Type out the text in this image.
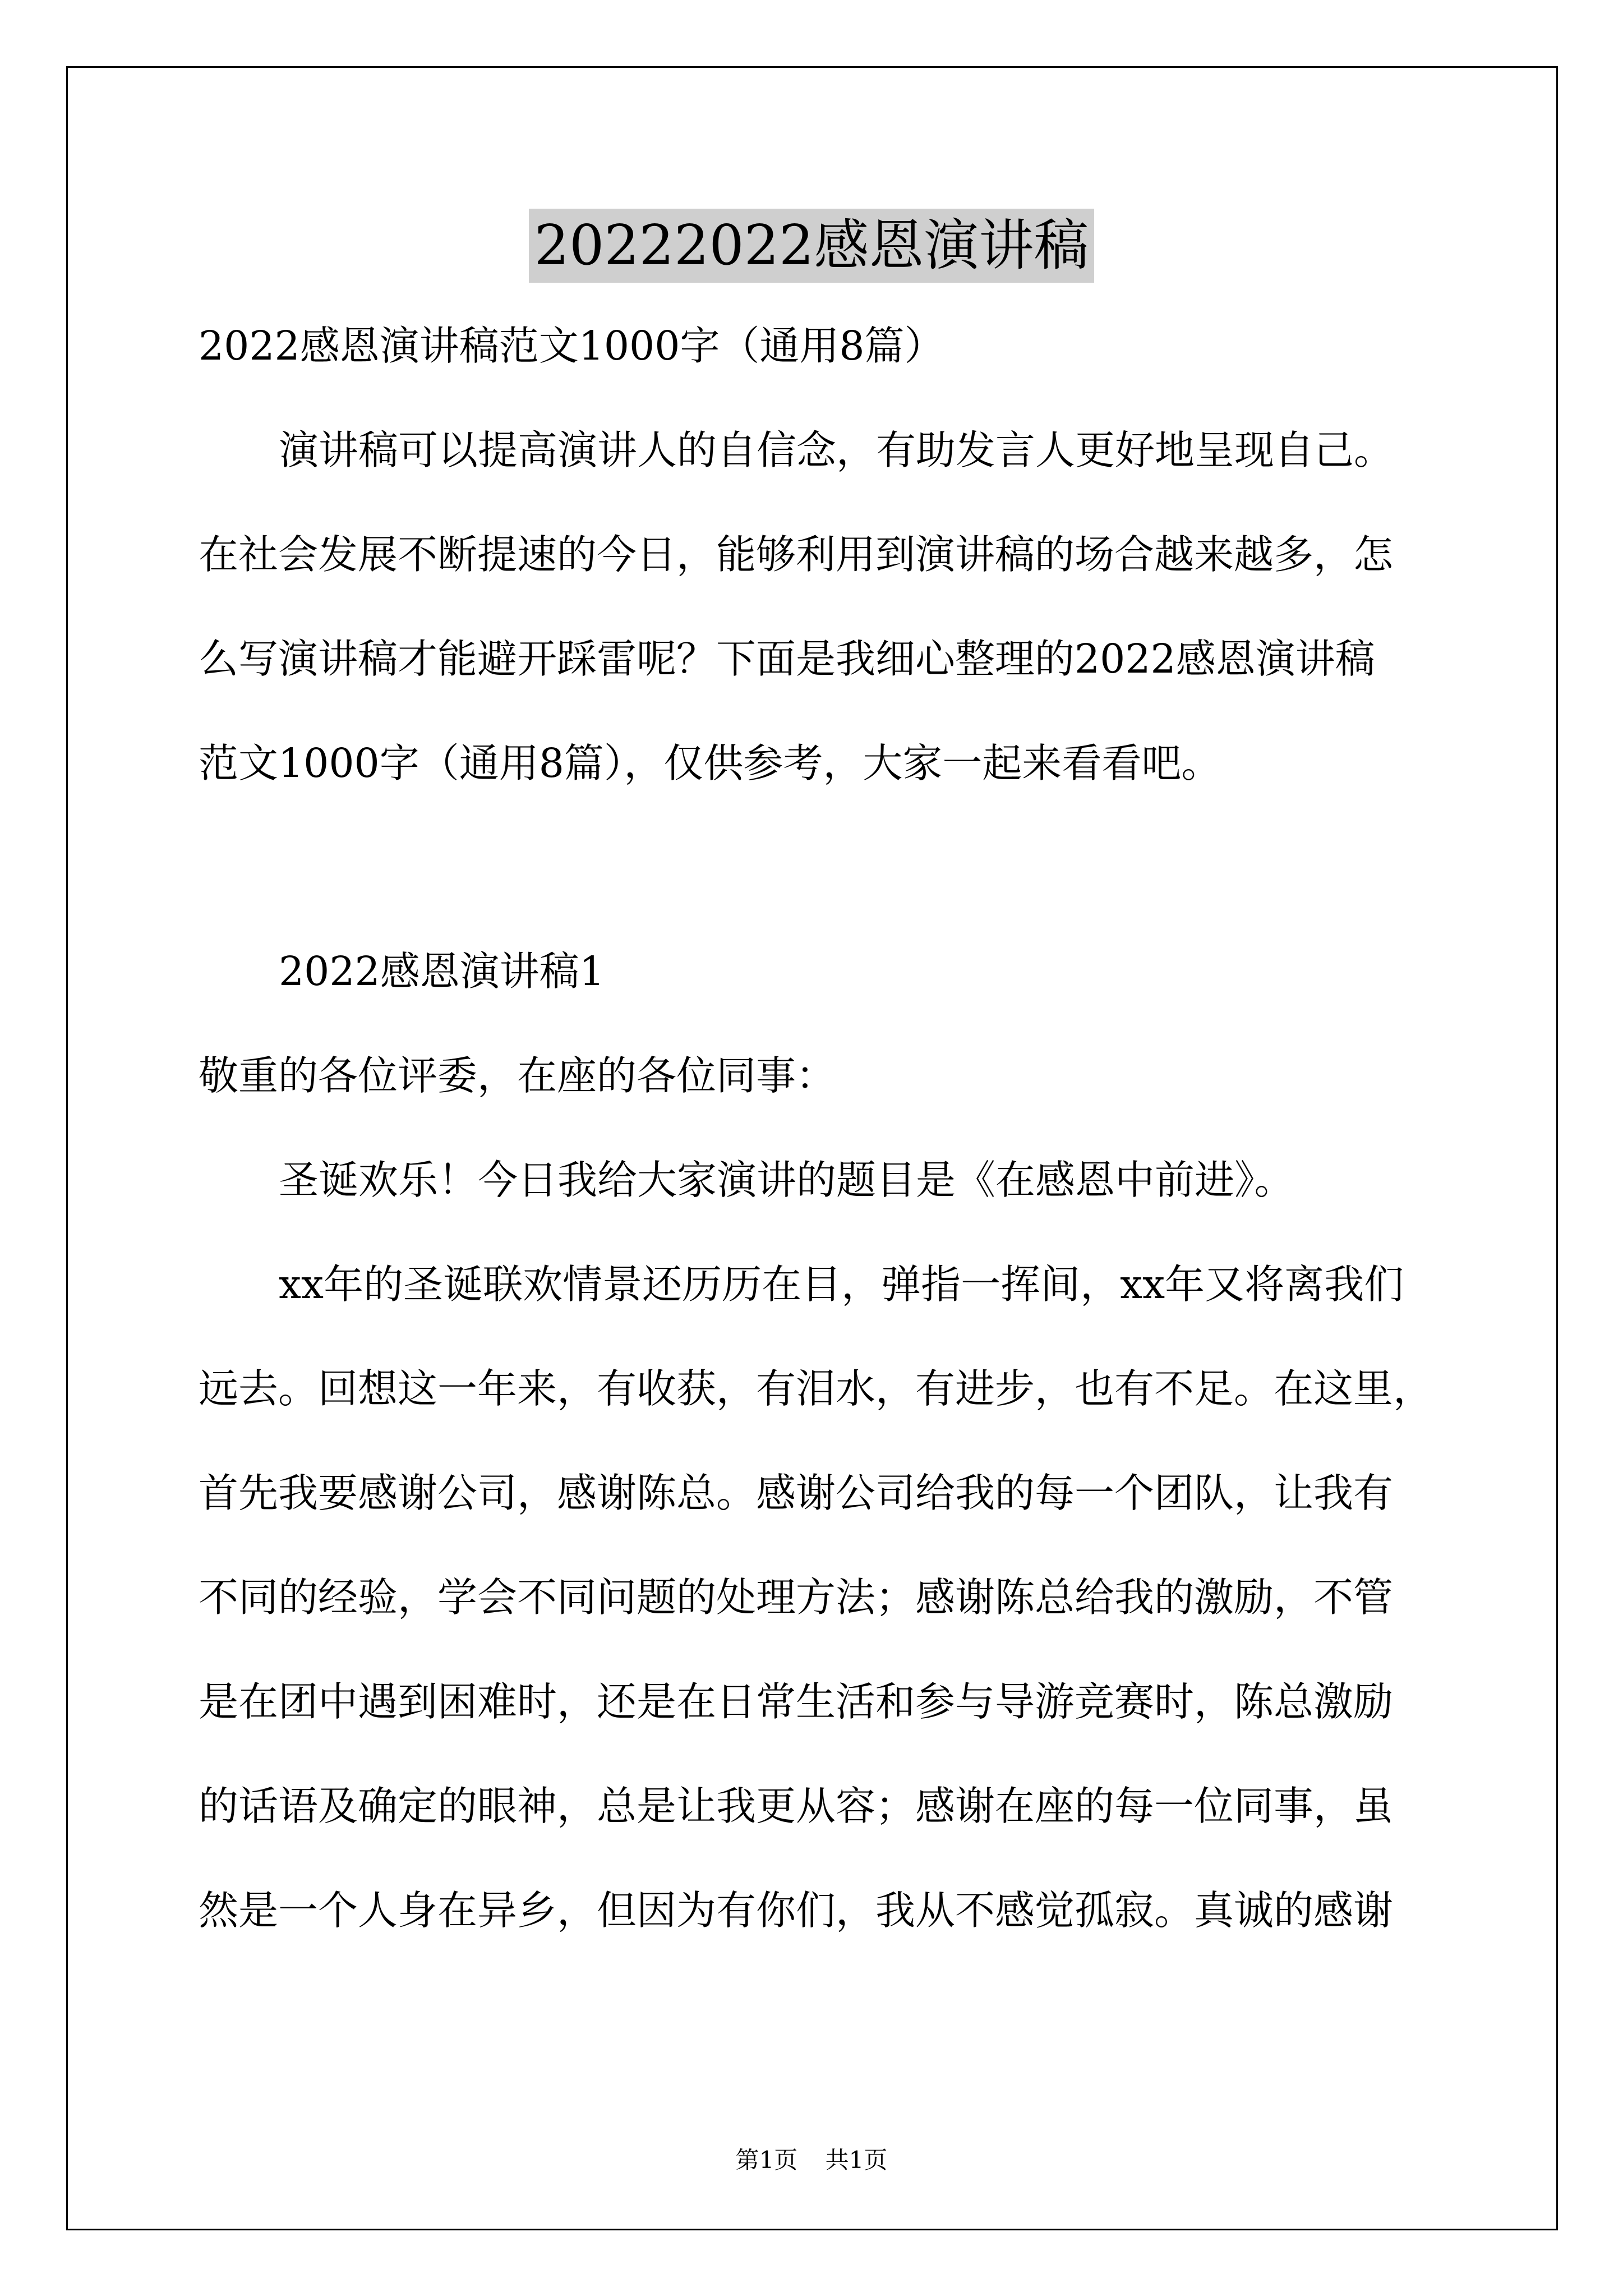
20222022感恩演讲稿
2022感恩演讲稿范文1000字（通用8篇）
演讲稿可以提高演讲人的自信念，有助发言人更好地呈现自己。
在社会发展不断提速的今日，能够利用到演讲稿的场合越来越多，怎
么写演讲稿才能避开踩雷呢？下面是我细心整理的2022感恩演讲稿
范文1000字（通用8篇），仅供参考，大家一起来看看吧。
2022感恩演讲稿1
敬重的各位评委，在座的各位同事：
圣诞欢乐！今日我给大家演讲的题目是《在感恩中前进》。
xx年的圣诞联欢情景还历历在目，弹指一挥间，xx年又将离我们
远去。回想这一年来，有收获，有泪水，有进步，也有不足。在这里，
首先我要感谢公司，感谢陈总。感谢公司给我的每一个团队，让我有
不同的经验，学会不同问题的处理方法；感谢陈总给我的激励，不管
是在团中遇到困难时，还是在日常生活和参与导游竞赛时，陈总激励
的话语及确定的眼神，总是让我更从容；感谢在座的每一位同事，虽
然是一个人身在异乡，但因为有你们，我从不感觉孤寂。真诚的感谢
第1页 共1页
